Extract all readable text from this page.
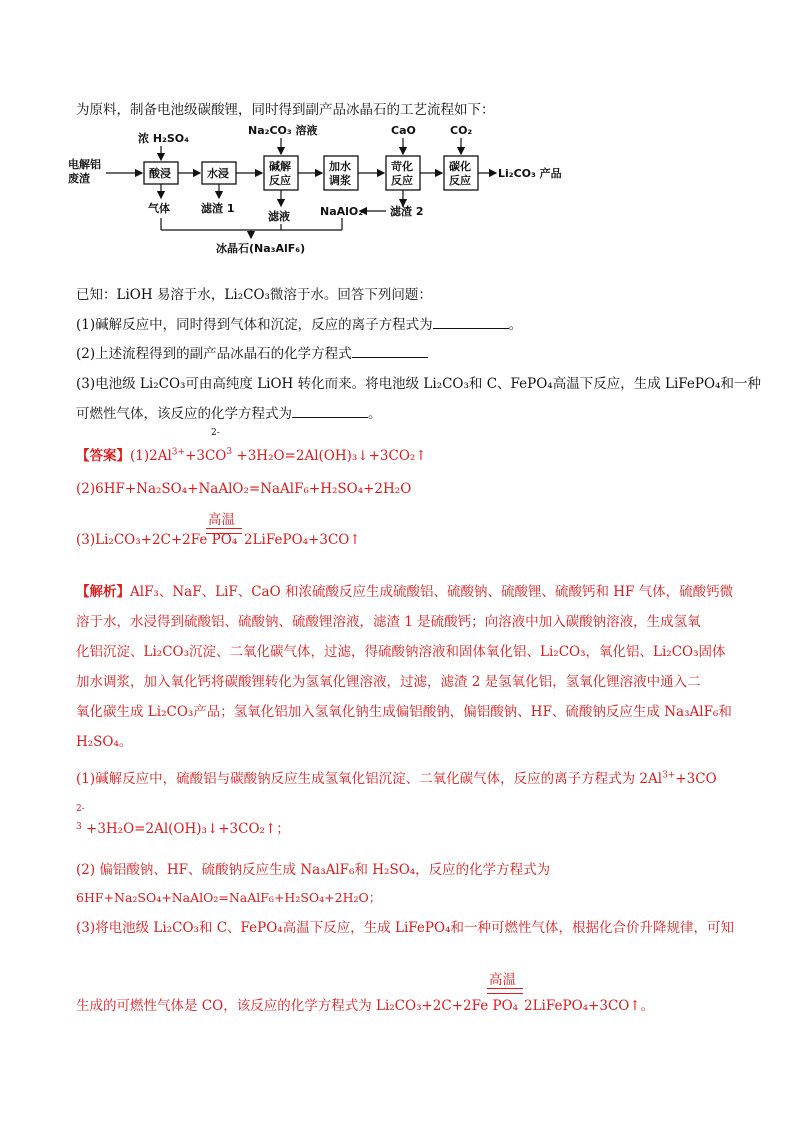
为原料，制备电池级碳酸锂，同时得到副产品冰晶石的工艺流程如下：
电解铝
废渣	酸浸
浓 H₂SO₄
气体
水浸
滤渣 1
碱解
反应
Na₂CO₃ 溶液
滤液
加水
调浆
苛化
反应
CaO
滤渣 2
NaAlO₂
碳化
反应
CO₂
Li₂CO₃ 产品
冰晶石(Na₃AlF₆)
已知：LiOH 易溶于水，Li₂CO₃微溶于水。回答下列问题：
(1)碱解反应中，同时得到气体和沉淀，反应的离子方程式为	。
(2)上述流程得到的副产品冰晶石的化学方程式
(3)电池级 Li₂CO₃可由高纯度 LiOH 转化而来。将电池级 Li₂CO₃和 C、FePO₄高温下反应，生成 LiFePO₄和一种
可燃性气体，该反应的化学方程式为	。
【答案】$(1)2Al^{3+}+3CO^3$ +3H₂O=2Al(OH)₃↓+3CO₂↑
2-
(2)6HF+Na₂SO₄+NaAlO₂=NaAlF₆+H₂SO₄+2H₂O
高温
(3)Li₂CO₃+2C+2Fe PO₄ 2LiFePO₄+3CO↑
【解析】AlF₃、NaF、LiF、CaO 和浓硫酸反应生成硫酸铝、硫酸钠、硫酸锂、硫酸钙和 HF 气体，硫酸钙微
溶于水，水浸得到硫酸铝、硫酸钠、硫酸锂溶液，滤渣 1 是硫酸钙；向溶液中加入碳酸钠溶液，生成氢氧
化铝沉淀、Li₂CO₃沉淀、二氧化碳气体，过滤，得硫酸钠溶液和固体氧化铝、Li₂CO₃，氧化铝、Li₂CO₃固体
加水调浆，加入氧化钙将碳酸锂转化为氢氧化锂溶液，过滤，滤渣 2 是氢氧化铝，氢氧化锂溶液中通入二
氧化碳生成 Li₂CO₃产品；氢氧化铝加入氢氧化钠生成偏铝酸钠，偏铝酸钠、HF、硫酸钠反应生成 Na₃AlF₆和
H₂SO₄。
(1)碱解反应中，硫酸铝与碳酸钠反应生成氢氧化铝沉淀、二氧化碳气体，反应的离子方程式为 $2Al^{3+}+3CO$
2-
$^3$ +3H₂O=2Al(OH)₃↓+3CO₂↑；
(2) 偏铝酸钠、HF、硫酸钠反应生成 Na₃AlF₆和 H₂SO₄，反应的化学方程式为
6HF+Na₂SO₄+NaAlO₂=NaAlF₆+H₂SO₄+2H₂O；
(3)将电池级 Li₂CO₃和 C、FePO₄高温下反应，生成 LiFePO₄和一种可燃性气体，根据化合价升降规律，可知
高温
生成的可燃性气体是 CO，该反应的化学方程式为 Li₂CO₃+2C+2Fe PO₄ 2LiFePO₄+3CO↑。
